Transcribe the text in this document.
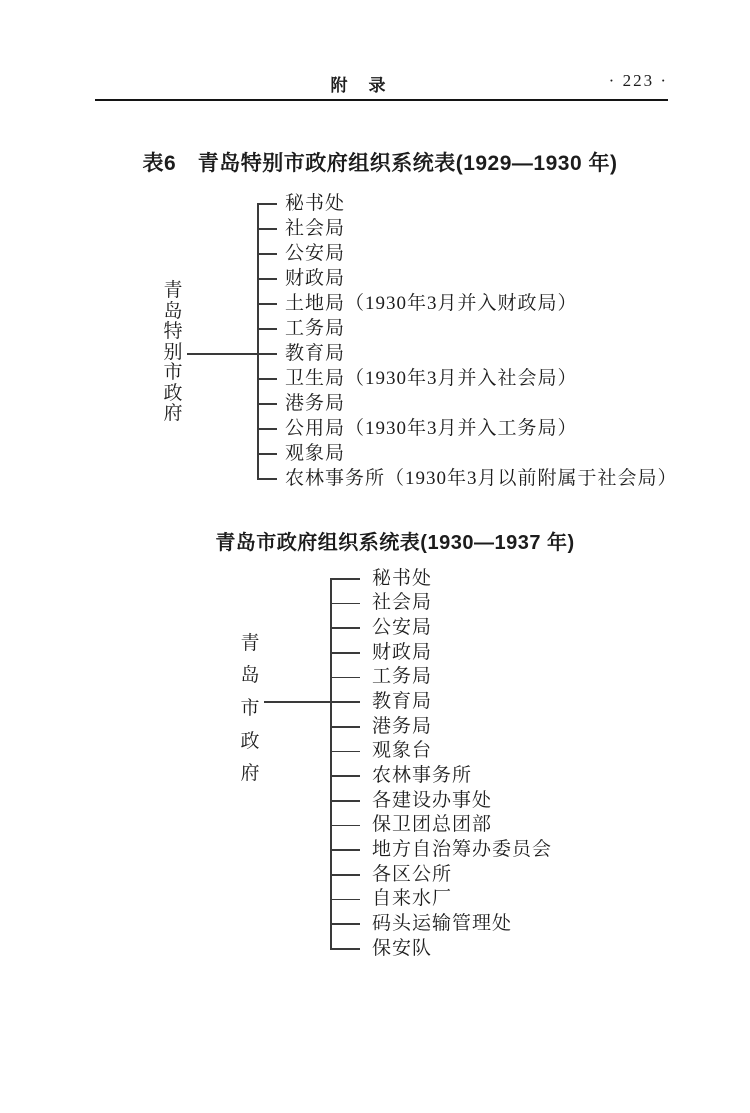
附　录	· 223 ·
表6　青岛特别市政府组织系统表(1929—1930 年)
青岛市政府组织系统表(1930—1937 年)
秘书处
社会局
公安局
财政局
土地局（1930年3月并入财政局）
工务局
教育局
卫生局（1930年3月并入社会局）
港务局
公用局（1930年3月并入工务局）
观象局
农林事务所（1930年3月以前附属于社会局）
青
岛
特
别
市
政
府
秘书处
社会局
公安局
财政局
工务局
教育局
港务局
观象台
农林事务所
各建设办事处
保卫团总团部
地方自治筹办委员会
各区公所
自来水厂
码头运输管理处
保安队
青
岛
市
政
府
